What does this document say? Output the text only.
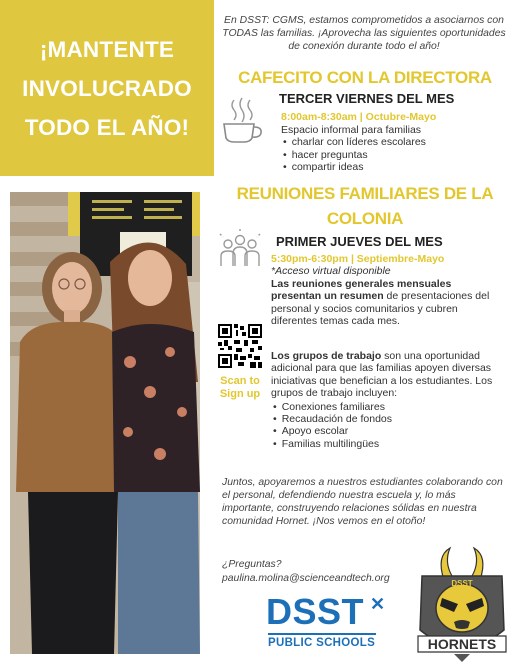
¡MANTENTE
INVOLUCRADO
TODO EL AÑO!
En DSST: CGMS, estamos comprometidos a asociarnos con TODAS las familias. ¡Aprovecha las siguientes oportunidades de conexión durante todo el año!
CAFECITO CON LA DIRECTORA
TERCER VIERNES DEL MES
8:00am-8:30am | Octubre-Mayo
Espacio informal para familias
• charlar con líderes escolares
• hacer preguntas
• compartir ideas
REUNIONES FAMILIARES DE LA
COLONIA
PRIMER JUEVES DEL MES
5:30pm-6:30pm | Septiembre-Mayo
*Acceso virtual disponible
Las reuniones generales mensuales presentan un resumen de presentaciones del personal y socios comunitarios y cubren diferentes temas cada mes.
Scan to
Sign up
Los grupos de trabajo son una oportunidad adicional para que las familias apoyen diversas iniciativas que benefician a los estudiantes. Los grupos de trabajo incluyen:
• Conexiones familiares
• Recaudación de fondos
• Apoyo escolar
• Familias multilingües
Juntos, apoyaremos a nuestros estudiantes colaborando con el personal, defendiendo nuestra escuela y, lo más importante, construyendo relaciones sólidas en nuestra comunidad Hornet. ¡Nos vemos en el otoño!
¿Preguntas?
paulina.molina@scienceandtech.org
DSST ✕
PUBLIC SCHOOLS
DSST
HORNETS
